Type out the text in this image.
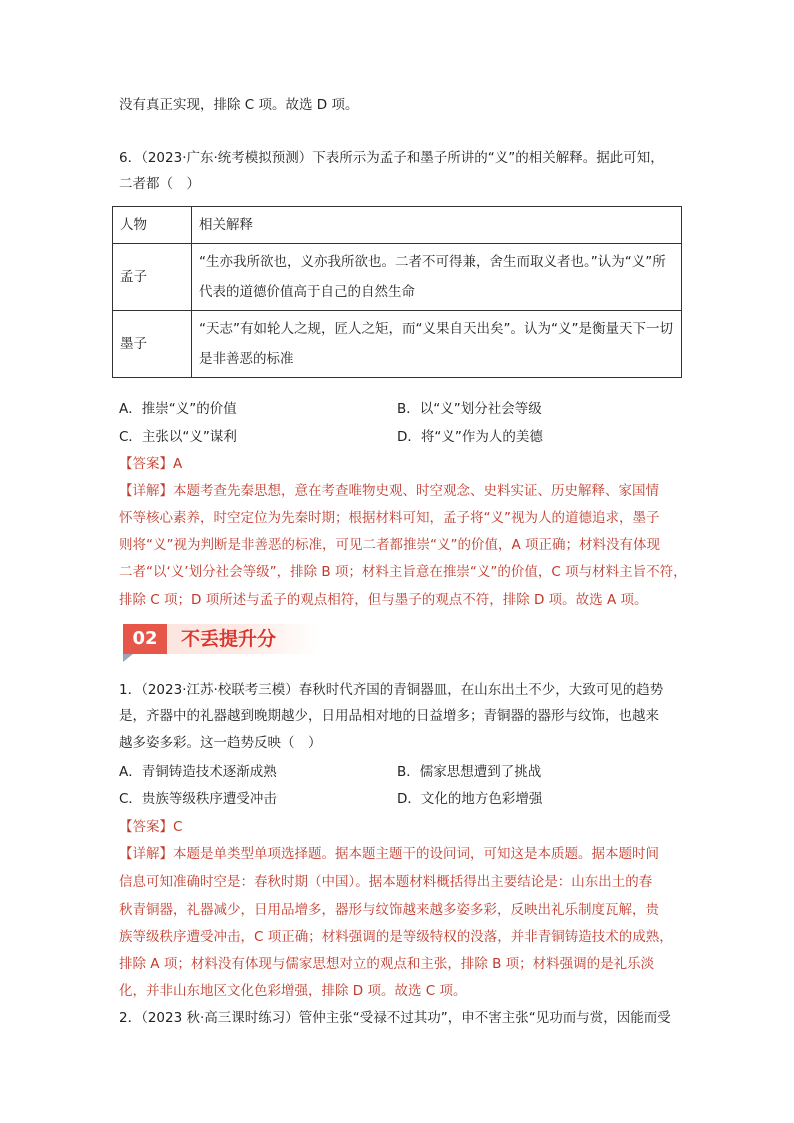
没有真正实现，排除 C 项。故选 D 项。
6．（2023·广东·统考模拟预测）下表所示为孟子和墨子所讲的“义”的相关解释。据此可知，
二者都（　）
人物	相关解释
孟子	“生亦我所欲也，义亦我所欲也。二者不可得兼，舍生而取义者也。”认为“义”所
代表的道德价值高于自己的自然生命

墨子	“天志”有如轮人之规，匠人之矩，而“义果自天出矣”。认为“义”是衡量天下一切
是非善恶的标准
A．推崇“义”的价值	B．以“义”划分社会等级
C．主张以“义”谋利	D．将“义”作为人的美德
【答案】A
【详解】本题考查先秦思想，意在考查唯物史观、时空观念、史料实证、历史解释、家国情
怀等核心素养，时空定位为先秦时期；根据材料可知，孟子将“义”视为人的道德追求，墨子
则将“义”视为判断是非善恶的标准，可见二者都推崇“义”的价值，A 项正确；材料没有体现
二者“以‘义’划分社会等级”，排除 B 项；材料主旨意在推崇“义”的价值，C 项与材料主旨不符，
排除 C 项；D 项所述与孟子的观点相符，但与墨子的观点不符，排除 D 项。故选 A 项。
02	不丢提升分
1．（2023·江苏·校联考三模）春秋时代齐国的青铜器皿，在山东出土不少，大致可见的趋势
是，齐器中的礼器越到晚期越少，日用品相对地的日益增多；青铜器的器形与纹饰，也越来
越多姿多彩。这一趋势反映（　）
A．青铜铸造技术逐渐成熟	B．儒家思想遭到了挑战
C．贵族等级秩序遭受冲击	D．文化的地方色彩增强
【答案】C
【详解】本题是单类型单项选择题。据本题主题干的设问词，可知这是本质题。据本题时间
信息可知准确时空是：春秋时期（中国）。据本题材料概括得出主要结论是：山东出土的春
秋青铜器，礼器减少，日用品增多，器形与纹饰越来越多姿多彩，反映出礼乐制度瓦解，贵
族等级秩序遭受冲击，C 项正确；材料强调的是等级特权的没落，并非青铜铸造技术的成熟，
排除 A 项；材料没有体现与儒家思想对立的观点和主张，排除 B 项；材料强调的是礼乐淡
化，并非山东地区文化色彩增强，排除 D 项。故选 C 项。
2．（2023 秋·高三课时练习）管仲主张“受禄不过其功”，申不害主张“见功而与赏，因能而受
